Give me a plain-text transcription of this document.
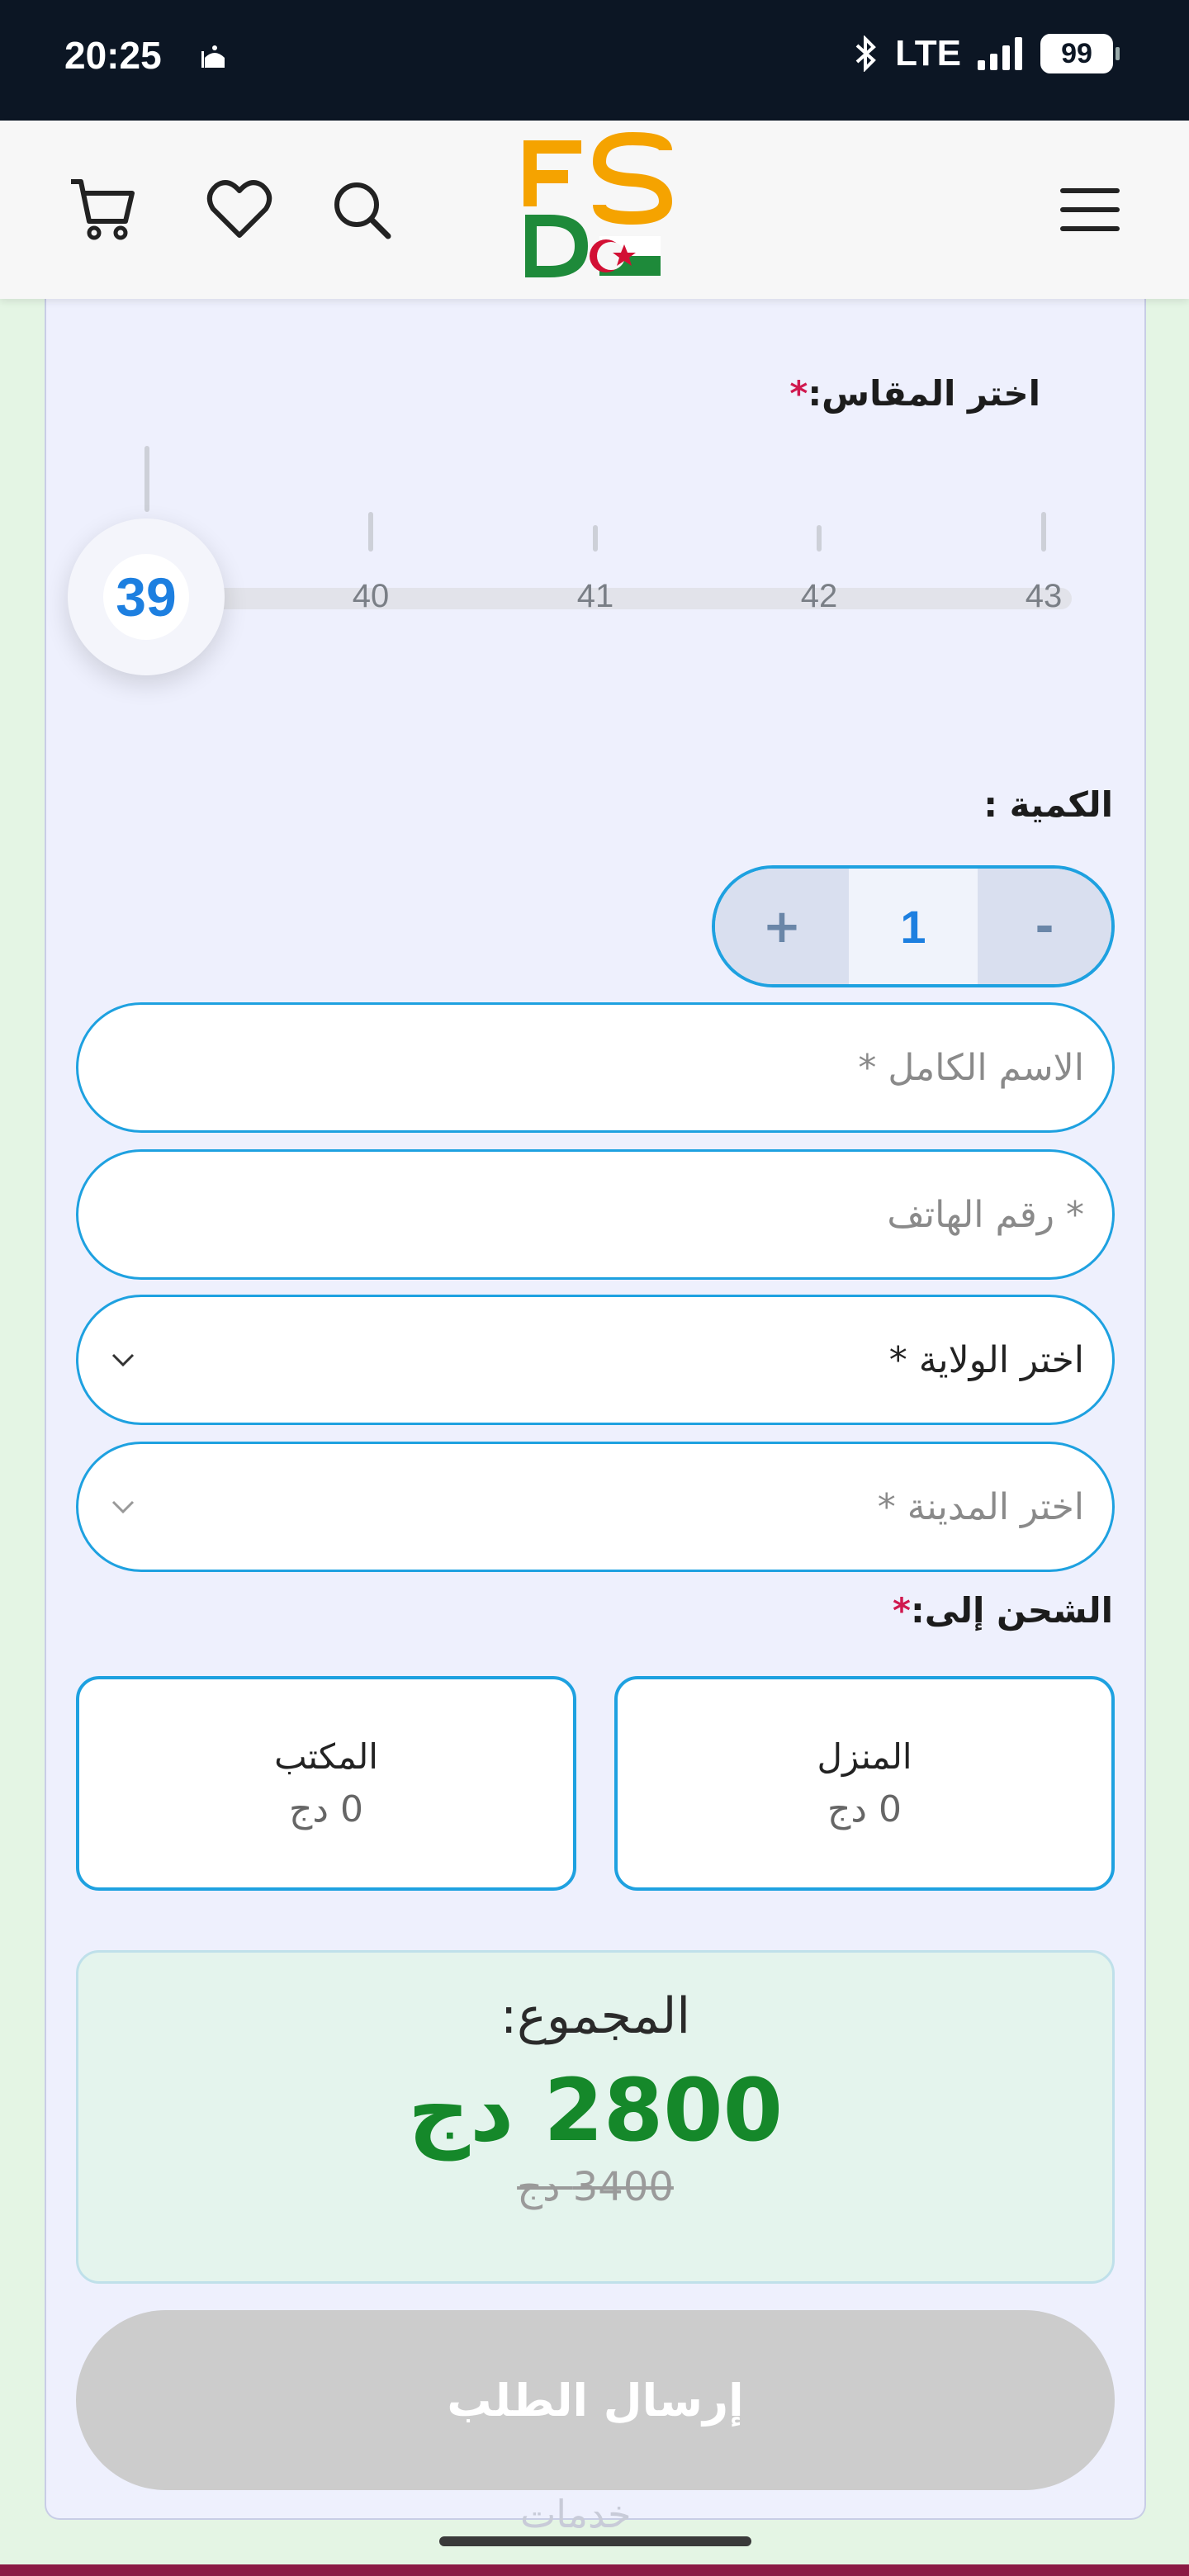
20:25	LTE	99
اختر المقاس:*
40	41	42	43
39
الكمية :
+	1	-
الاسم الكامل *
* رقم الهاتف
اختر الولاية *
اختر المدينة *
الشحن إلى:*
المنزل
0 دج
المكتب
0 دج
المجموع:
2800 دج
3400 دج
إرسال الطلب
خدمات
